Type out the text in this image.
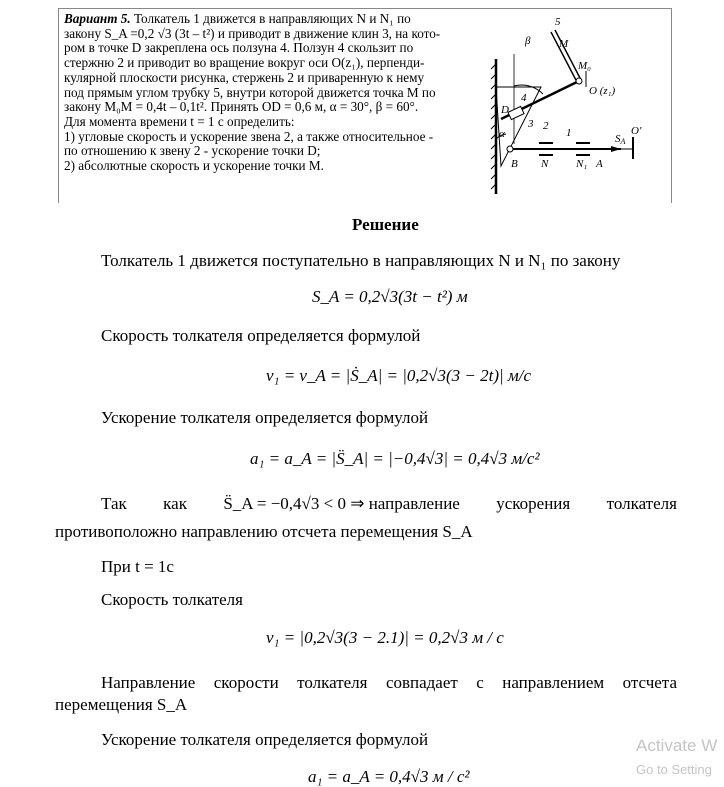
Вариант 5. Толкатель 1 движется в направляющих N и N₁ по
закону S_A =0,2 √3 (3t – t²) и приводит в движение клин 3, на кото-
ром в точке D закреплена ось ползуна 4. Ползун 4 скользит по
стержню 2 и приводит во вращение вокруг оси O(z₁), перпенди-
кулярной плоскости рисунка, стержень 2 и приваренную к нему
под прямым углом трубку 5, внутри которой движется точка М по
закону M₀M = 0,4t – 0,1t². Принять OD = 0,6 м, α = 30°, β = 60°.
Для момента времени t = 1 c определить:
1) угловые скорость и ускорение звена 2, а также относительное -
по отношению к звену 2 - ускорение точки D;
2) абсолютные скорость и ускорение точки M.
5
M
M₀
O (z₁)
β
D
4
α
3 2
1	SA
O'
B N	N₁ A
Решение
Толкатель 1 движется поступательно в направляющих N и N₁ по закону
S_A = 0,2√3(3t − t²) м
Скорость толкателя определяется формулой
v₁ = v_A = |Ṡ_A| = |0,2√3(3 − 2t)| м/с
Ускорение толкателя определяется формулой
a₁ = a_A = |S̈_A| = |−0,4√3| = 0,4√3 м/с²
Так как S̈_A = −0,4√3 < 0 ⇒ направление ускорения толкателя
противоположно направлению отсчета перемещения S_A
При t = 1c
Скорость толкателя
v₁ = |0,2√3(3 − 2.1)| = 0,2√3 м / c
Направление скорости толкателя совпадает с направлением отсчета
перемещения S_A
Ускорение толкателя определяется формулой
a₁ = a_A = 0,4√3 м / c²
Activate W
Go to Setting
